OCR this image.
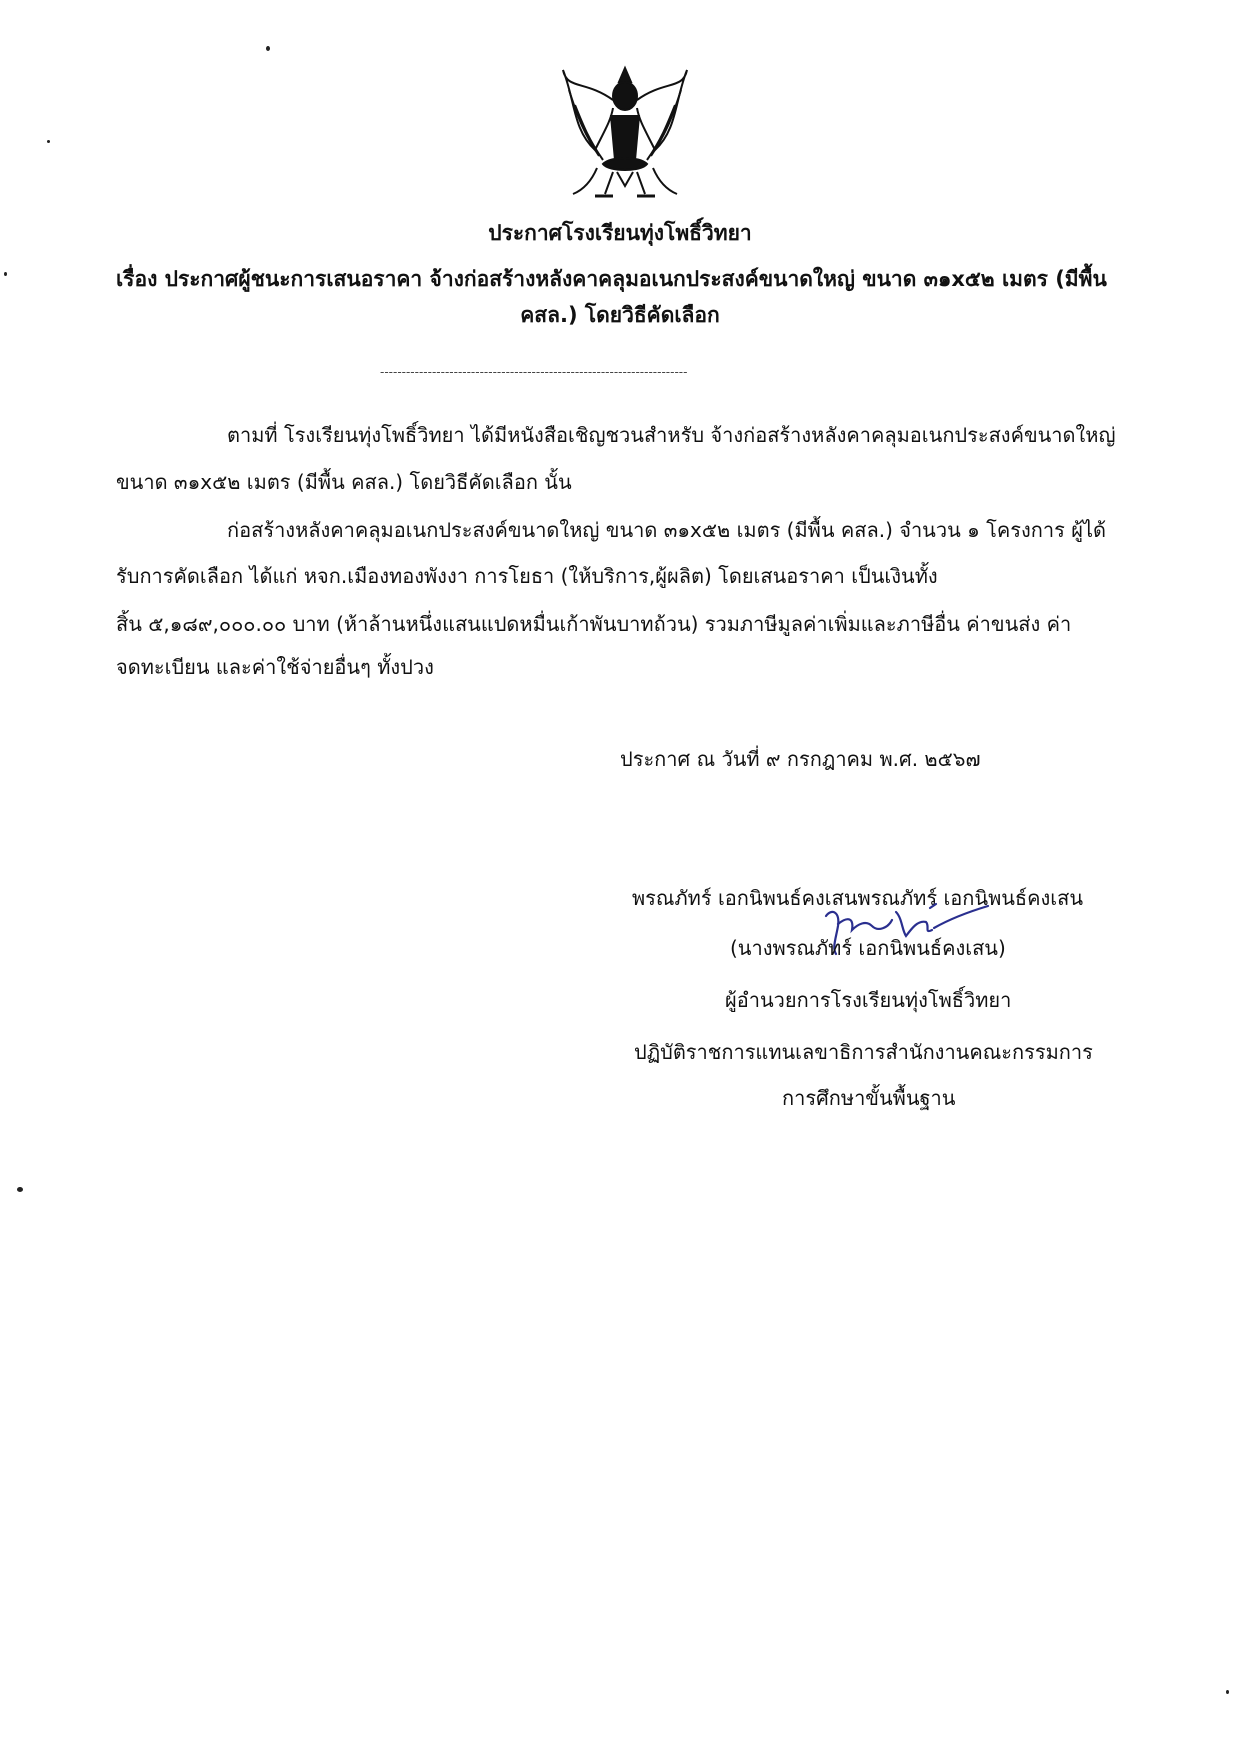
ประกาศโรงเรียนทุ่งโพธิ์วิทยา
เรื่อง ประกาศผู้ชนะการเสนอราคา จ้างก่อสร้างหลังคาคลุมอเนกประสงค์ขนาดใหญ่ ขนาด ๓๑x๕๒ เมตร (มีพื้น
คสล.) โดยวิธีคัดเลือก
-----------------------------------------------------------------------
ตามที่ โรงเรียนทุ่งโพธิ์วิทยา ได้มีหนังสือเชิญชวนสำหรับ จ้างก่อสร้างหลังคาคลุมอเนกประสงค์ขนาดใหญ่
ขนาด ๓๑x๕๒ เมตร (มีพื้น คสล.) โดยวิธีคัดเลือก นั้น
ก่อสร้างหลังคาคลุมอเนกประสงค์ขนาดใหญ่ ขนาด ๓๑x๕๒ เมตร (มีพื้น คสล.) จำนวน ๑ โครงการ ผู้ได้
รับการคัดเลือก ได้แก่ หจก.เมืองทองพังงา การโยธา (ให้บริการ,ผู้ผลิต) โดยเสนอราคา เป็นเงินทั้ง
สิ้น ๕,๑๘๙,๐๐๐.๐๐ บาท (ห้าล้านหนึ่งแสนแปดหมื่นเก้าพันบาทถ้วน) รวมภาษีมูลค่าเพิ่มและภาษีอื่น ค่าขนส่ง ค่า
จดทะเบียน และค่าใช้จ่ายอื่นๆ ทั้งปวง
ประกาศ ณ วันที่ ๙ กรกฎาคม พ.ศ. ๒๕๖๗
พรณภัทร์ เอกนิพนธ์คงเสนพรณภัทร์ เอกนิพนธ์คงเสน
(นางพรณภัทร์ เอกนิพนธ์คงเสน)
ผู้อำนวยการโรงเรียนทุ่งโพธิ์วิทยา
ปฏิบัติราชการแทนเลขาธิการสำนักงานคณะกรรมการ
การศึกษาขั้นพื้นฐาน
